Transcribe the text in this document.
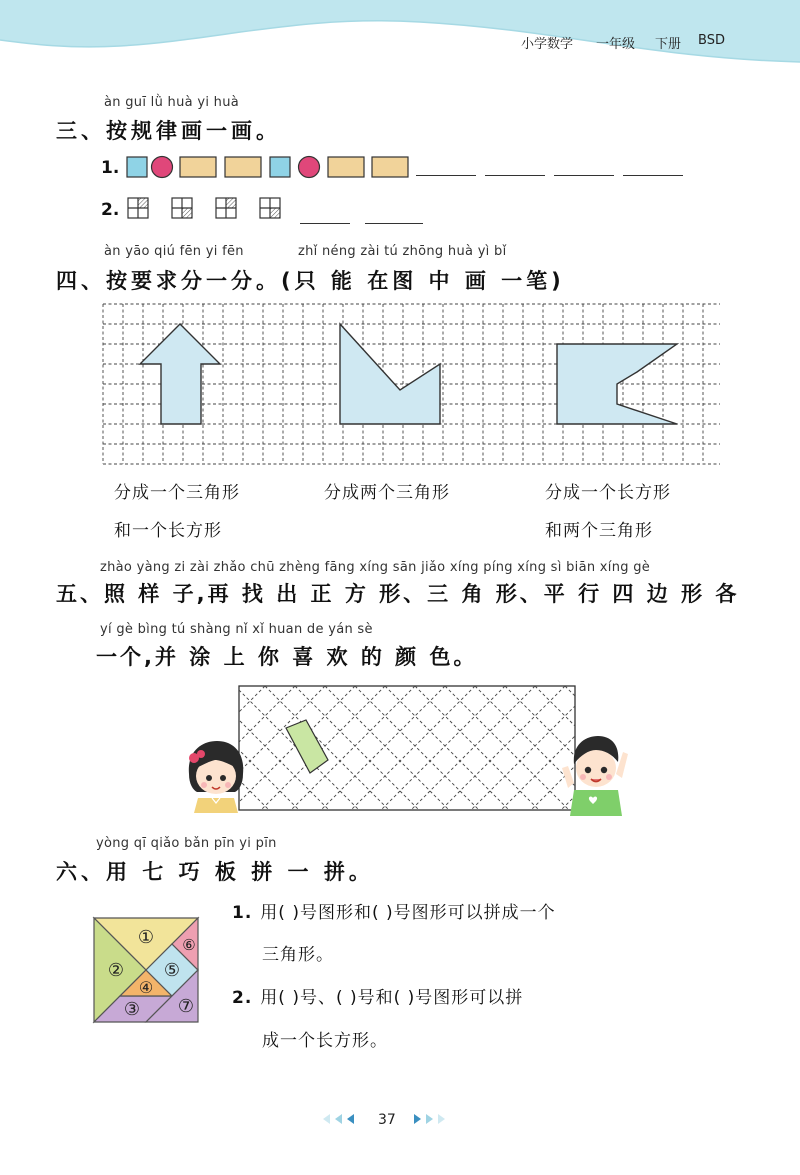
小学数学 一年级 下册 BSD
àn guī lǜ huà yi huà
三、按规律画一画。
1.
2.
àn yāo qiú fēn yi fēn	zhǐ néng zài tú zhōng huà yì bǐ
四、按要求分一分。(只 能 在图 中 画 一笔)
分成一个三角形
和一个长方形
分成两个三角形	分成一个长方形
和两个三角形
zhào yàng zi zài zhǎo chū zhèng fāng xíng sān jiǎo xíng píng xíng sì biān xíng gè
五、照 样 子,再 找 出 正 方 形、三 角 形、平 行 四 边 形 各
yí gè bìng tú shàng nǐ xǐ huan de yán sè
一个,并 涂 上 你 喜 欢 的 颜 色。
yòng qī qiǎo bǎn pīn yi pīn
六、用 七 巧 板 拼 一 拼。
①
②
③
④
⑤
⑥
⑦
1. 用( )号图形和( )号图形可以拼成一个
三角形。
2. 用( )号、( )号和( )号图形可以拼
成一个长方形。
37
